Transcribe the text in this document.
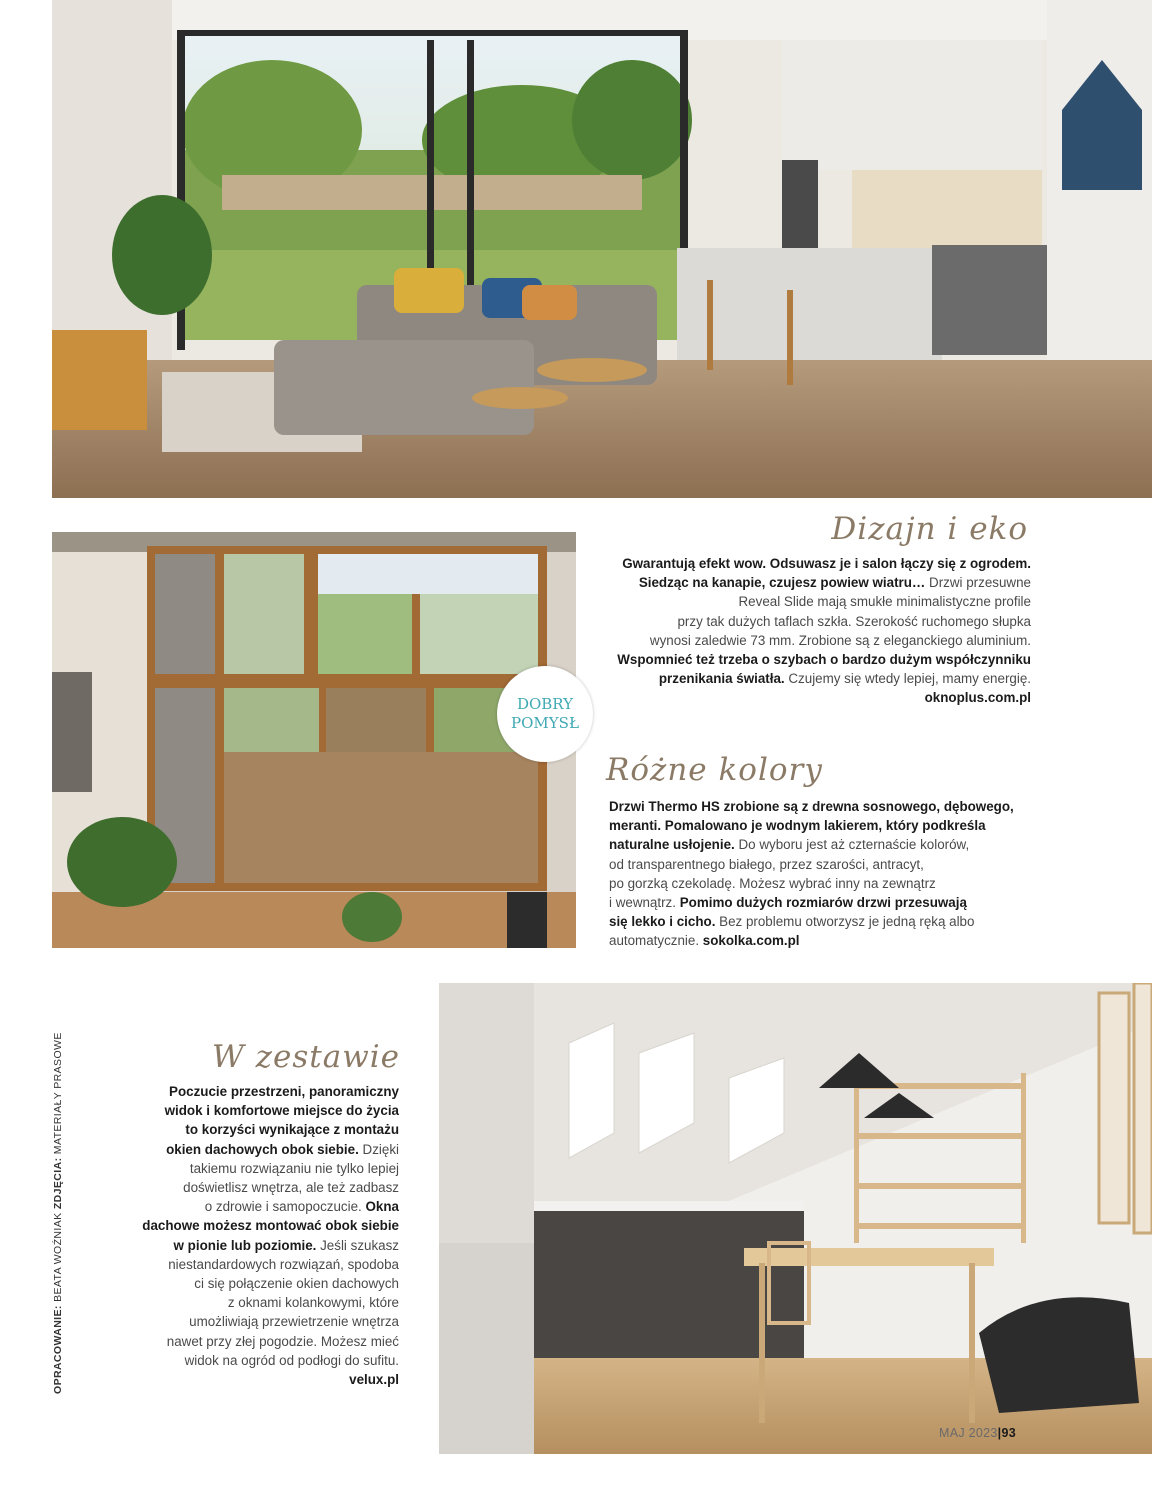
Dizajn i eko
Gwarantują efekt wow. Odsuwasz je i salon łączy się z ogrodem.
Siedząc na kanapie, czujesz powiew wiatru… Drzwi przesuwne
Reveal Slide mają smukłe minimalistyczne profile
przy tak dużych taflach szkła. Szerokość ruchomego słupka
wynosi zaledwie 73 mm. Zrobione są z eleganckiego aluminium.
Wspomnieć też trzeba o szybach o bardzo dużym współczynniku
przenikania światła. Czujemy się wtedy lepiej, mamy energię.
oknoplus.com.pl
DOBRY
POMYSŁ
Różne kolory
Drzwi Thermo HS zrobione są z drewna sosnowego, dębowego,
meranti. Pomalowano je wodnym lakierem, który podkreśla
naturalne usłojenie. Do wyboru jest aż czternaście kolorów,
od transparentnego białego, przez szarości, antracyt,
po gorzką czekoladę. Możesz wybrać inny na zewnątrz
i wewnątrz. Pomimo dużych rozmiarów drzwi przesuwają
się lekko i cicho. Bez problemu otworzysz je jedną ręką albo
automatycznie. sokolka.com.pl
W zestawie
Poczucie przestrzeni, panoramiczny
widok i komfortowe miejsce do życia
to korzyści wynikające z montażu
okien dachowych obok siebie. Dzięki
takiemu rozwiązaniu nie tylko lepiej
doświetlisz wnętrza, ale też zadbasz
o zdrowie i samopoczucie. Okna
dachowe możesz montować obok siebie
w pionie lub poziomie. Jeśli szukasz
niestandardowych rozwiązań, spodoba
ci się połączenie okien dachowych
z oknami kolankowymi, które
umożliwiają przewietrzenie wnętrza
nawet przy złej pogodzie. Możesz mieć
widok na ogród od podłogi do sufitu.
velux.pl
OPRACOWANIE: BEATA WOŹNIAK ZDJĘCIA: MATERIAŁY PRASOWE
MAJ 2023|93
